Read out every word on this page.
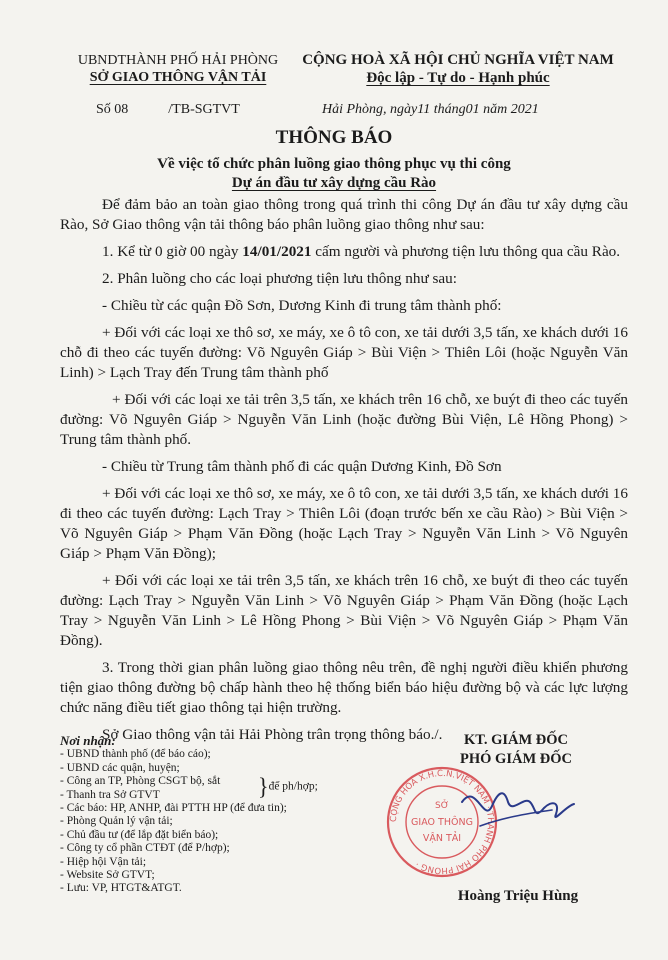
UBNDTHÀNH PHỐ HẢI PHÒNG
SỞ GIAO THÔNG VẬN TẢI
CỘNG HOÀ XÃ HỘI CHỦ NGHĨA VIỆT NAM
Độc lập - Tự do - Hạnh phúc
Số 08	/TB-SGTVT	Hải Phòng, ngày11 tháng01 năm 2021
THÔNG BÁO
Về việc tổ chức phân luồng giao thông phục vụ thi công
Dự án đầu tư xây dựng cầu Rào

Để đảm bảo an toàn giao thông trong quá trình thi công Dự án đầu tư xây dựng cầu Rào, Sở Giao thông vận tải thông báo phân luồng giao thông như sau:

1. Kể từ 0 giờ 00 ngày 14/01/2021 cấm người và phương tiện lưu thông qua cầu Rào.

2. Phân luồng cho các loại phương tiện lưu thông như sau:

- Chiều từ các quận Đồ Sơn, Dương Kinh đi trung tâm thành phố:

+ Đối với các loại xe thô sơ, xe máy, xe ô tô con, xe tải dưới 3,5 tấn, xe khách dưới 16 chỗ đi theo các tuyến đường: Võ Nguyên Giáp > Bùi Viện > Thiên Lôi (hoặc Nguyễn Văn Linh) > Lạch Tray đến Trung tâm thành phố

+ Đối với các loại xe tải trên 3,5 tấn, xe khách trên 16 chỗ, xe buýt đi theo các tuyến đường: Võ Nguyên Giáp > Nguyễn Văn Linh (hoặc đường Bùi Viện, Lê Hồng Phong) > Trung tâm thành phố.

- Chiều từ Trung tâm thành phố đi các quận Dương Kinh, Đồ Sơn

+ Đối với các loại xe thô sơ, xe máy, xe ô tô con, xe tải dưới 3,5 tấn, xe khách dưới 16 đi theo các tuyến đường: Lạch Tray > Thiên Lôi (đoạn trước bến xe cầu Rào) > Bùi Viện > Võ Nguyên Giáp > Phạm Văn Đồng (hoặc Lạch Tray > Nguyễn Văn Linh > Võ Nguyên Giáp > Phạm Văn Đồng);

+ Đối với các loại xe tải trên 3,5 tấn, xe khách trên 16 chỗ, xe buýt đi theo các tuyến đường: Lạch Tray > Nguyễn Văn Linh > Võ Nguyên Giáp > Phạm Văn Đồng (hoặc Lạch Tray > Nguyễn Văn Linh > Lê Hồng Phong > Bùi Viện > Võ Nguyên Giáp > Phạm Văn Đồng).

3. Trong thời gian phân luồng giao thông nêu trên, đề nghị người điều khiển phương tiện giao thông đường bộ chấp hành theo hệ thống biển báo hiệu đường bộ và các lực lượng chức năng điều tiết giao thông tại hiện trường.

Sở Giao thông vận tải Hải Phòng trân trọng thông báo./.

Nơi nhận:
- UBND thành phố (để báo cáo);
- UBND các quận, huyện;
- Công an TP, Phòng CSGT bộ, sắt
- Thanh tra Sở GTVT
- Các báo: HP, ANHP, đài PTTH HP (để đưa tin);
- Phòng Quản lý vận tải;
- Chủ đầu tư (để lắp đặt biển báo);
- Công ty cổ phần CTĐT (để P/hợp);
- Hiệp hội Vận tải;
- Website Sở GTVT;
- Lưu: VP, HTGT&ATGT.
}để ph/hợp;
KT. GIÁM ĐỐC
PHÓ GIÁM ĐỐC
CỘNG HOÀ X.H.C.N.VIỆT NAM · THÀNH PHỐ HẢI PHÒNG ·
SỞ
GIAO THÔNG
VẬN TẢI
Hoàng Triệu Hùng
